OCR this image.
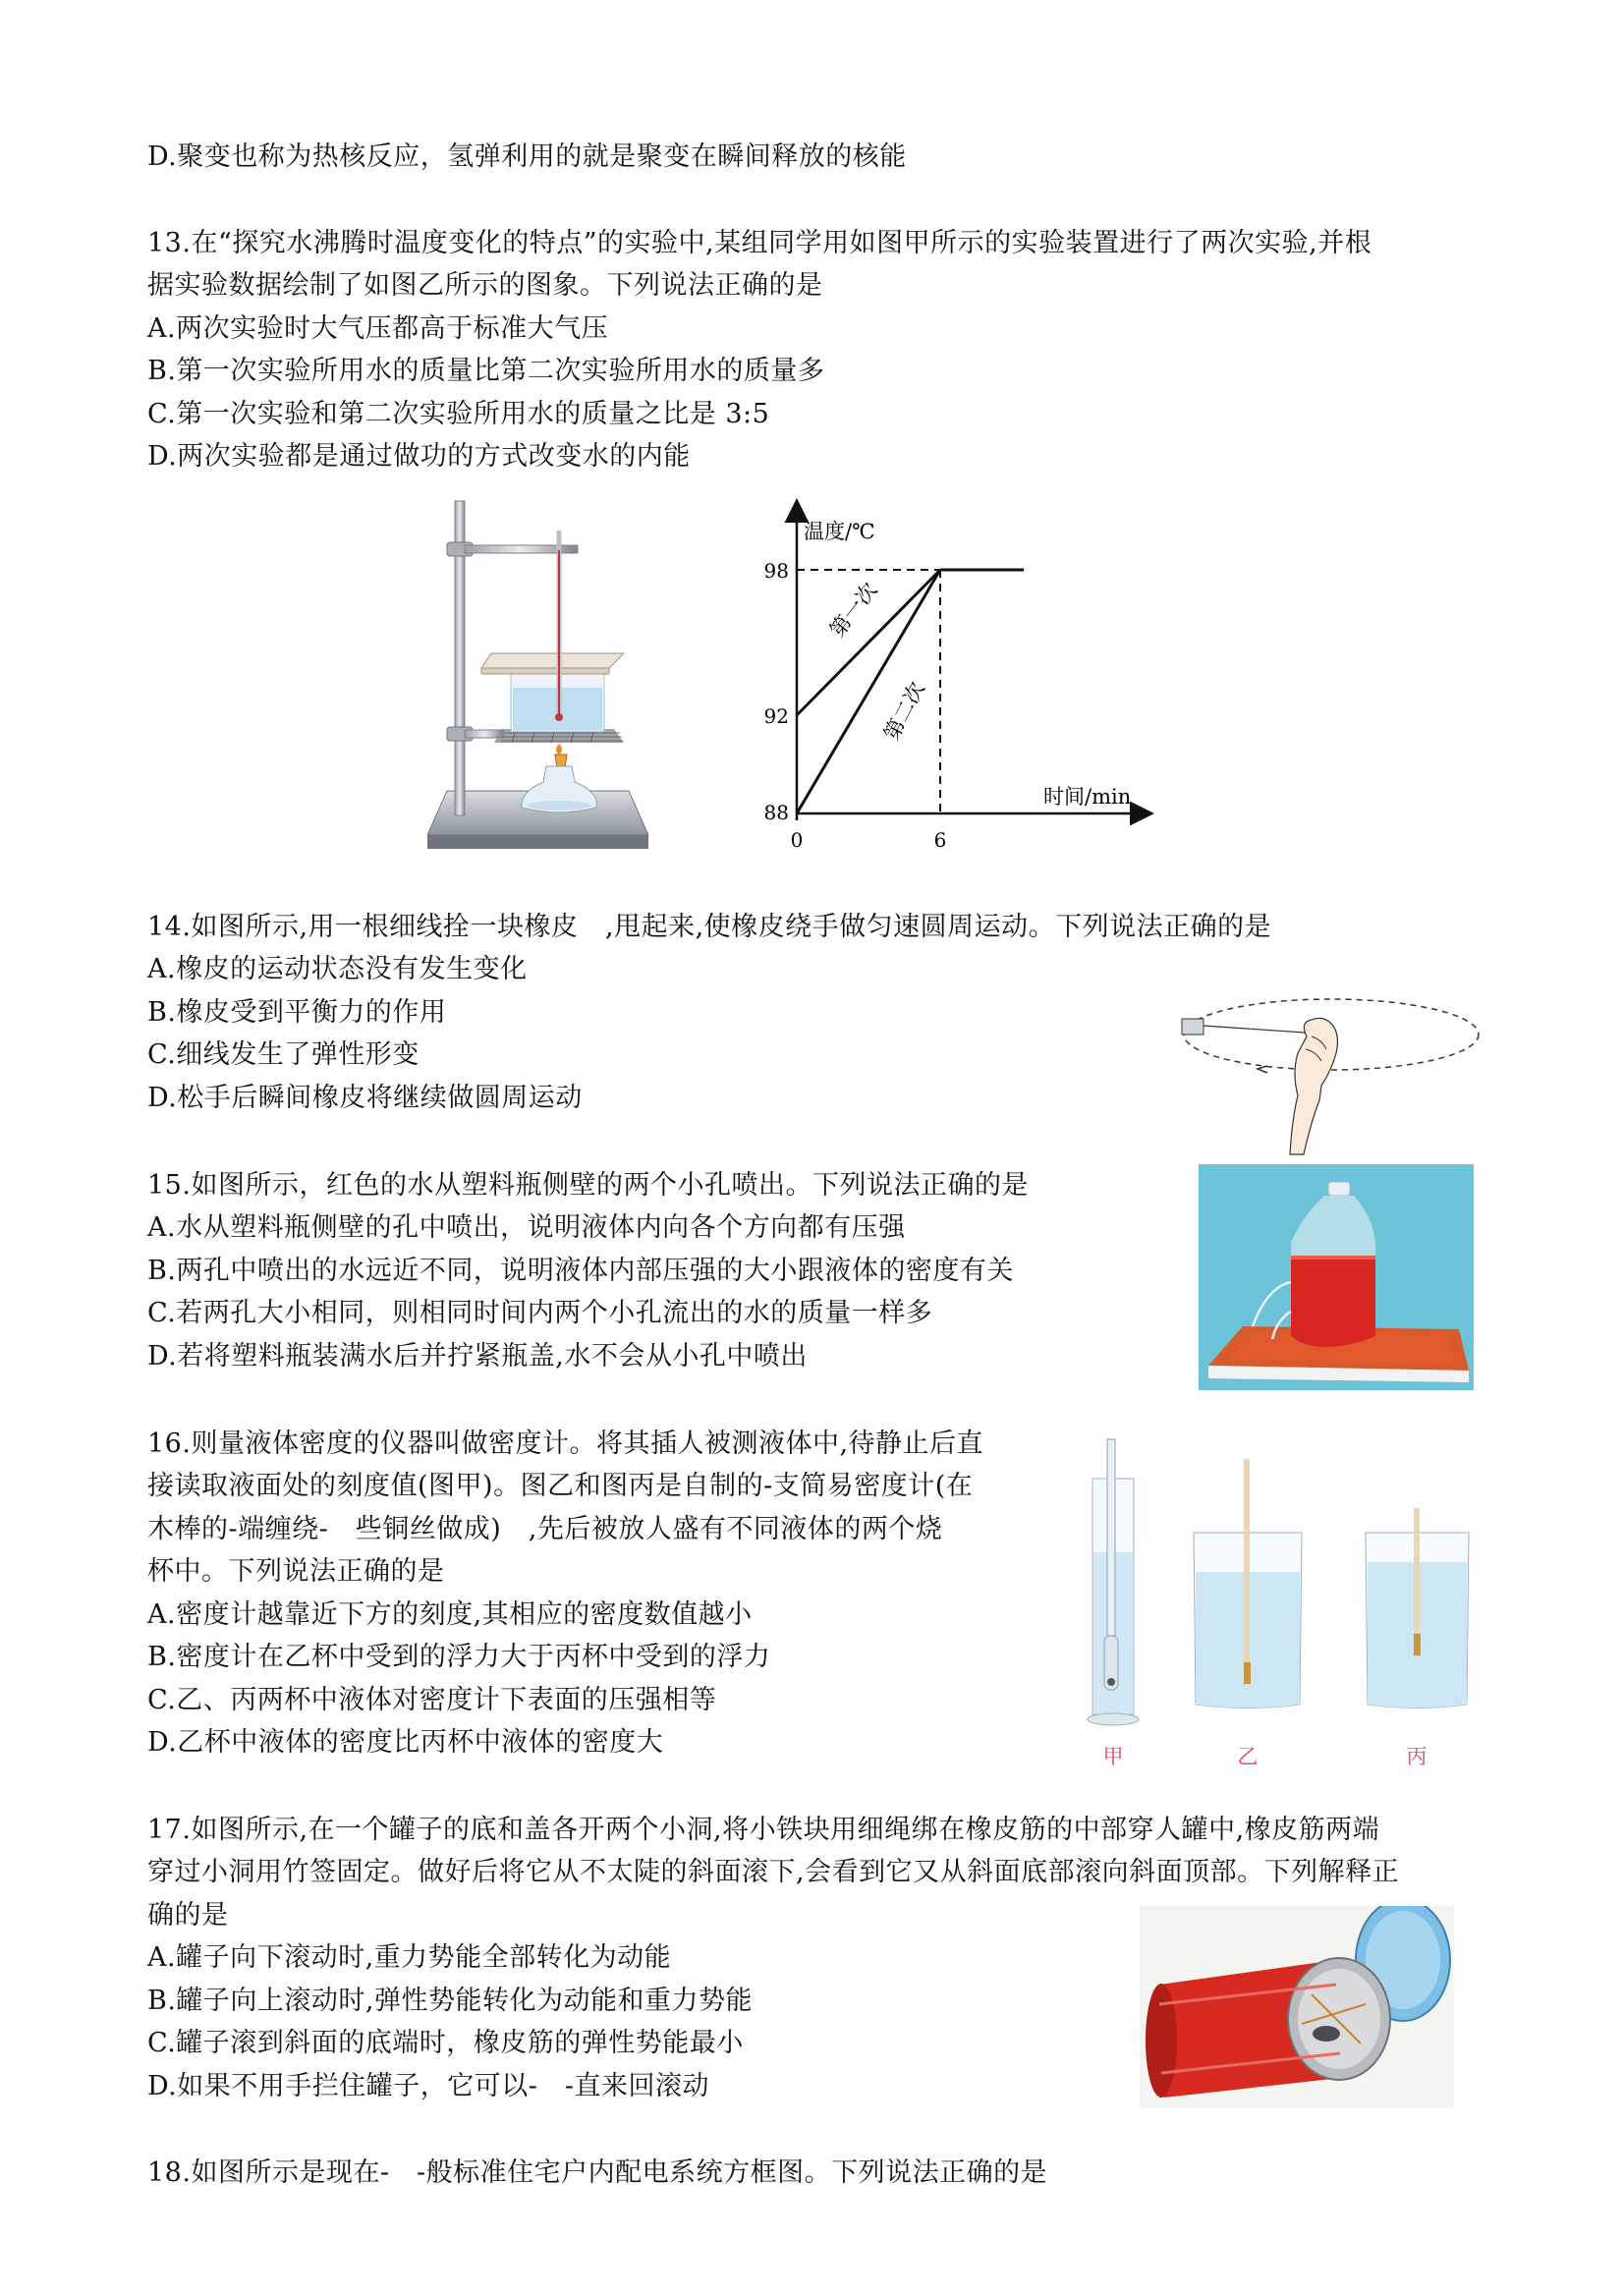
D.聚变也称为热核反应，氢弹利用的就是聚变在瞬间释放的核能
13.在“探究水沸腾时温度变化的特点”的实验中,某组同学用如图甲所示的实验装置进行了两次实验,并根
据实验数据绘制了如图乙所示的图象。下列说法正确的是
A.两次实验时大气压都高于标准大气压
B.第一次实验所用水的质量比第二次实验所用水的质量多
C.第一次实验和第二次实验所用水的质量之比是 3:5
D.两次实验都是通过做功的方式改变水的内能
温度/℃
时间/min
98
92
88
0	6
第一次
第二次
14.如图所示,用一根细线拴一块橡皮　,甩起来,使橡皮绕手做匀速圆周运动。下列说法正确的是
A.橡皮的运动状态没有发生变化
B.橡皮受到平衡力的作用
C.细线发生了弹性形变
D.松手后瞬间橡皮将继续做圆周运动
15.如图所示，红色的水从塑料瓶侧壁的两个小孔喷出。下列说法正确的是
A.水从塑料瓶侧壁的孔中喷出，说明液体内向各个方向都有压强
B.两孔中喷出的水远近不同，说明液体内部压强的大小跟液体的密度有关
C.若两孔大小相同，则相同时间内两个小孔流出的水的质量一样多
D.若将塑料瓶装满水后并拧紧瓶盖,水不会从小孔中喷出
16.则量液体密度的仪器叫做密度计。将其插人被测液体中,待静止后直
接读取液面处的刻度值(图甲)。图乙和图丙是自制的-支简易密度计(在
木棒的-端缠绕-　些铜丝做成)　,先后被放人盛有不同液体的两个烧
杯中。下列说法正确的是
A.密度计越靠近下方的刻度,其相应的密度数值越小
B.密度计在乙杯中受到的浮力大于丙杯中受到的浮力
C.乙、丙两杯中液体对密度计下表面的压强相等
D.乙杯中液体的密度比丙杯中液体的密度大	甲	乙	丙
17.如图所示,在一个罐子的底和盖各开两个小洞,将小铁块用细绳绑在橡皮筋的中部穿人罐中,橡皮筋两端
穿过小洞用竹签固定。做好后将它从不太陡的斜面滚下,会看到它又从斜面底部滚向斜面顶部。下列解释正
确的是
A.罐子向下滚动时,重力势能全部转化为动能
B.罐子向上滚动时,弹性势能转化为动能和重力势能
C.罐子滚到斜面的底端时，橡皮筋的弹性势能最小
D.如果不用手拦住罐子，它可以-　-直来回滚动
18.如图所示是现在-　-般标准住宅户内配电系统方框图。下列说法正确的是
